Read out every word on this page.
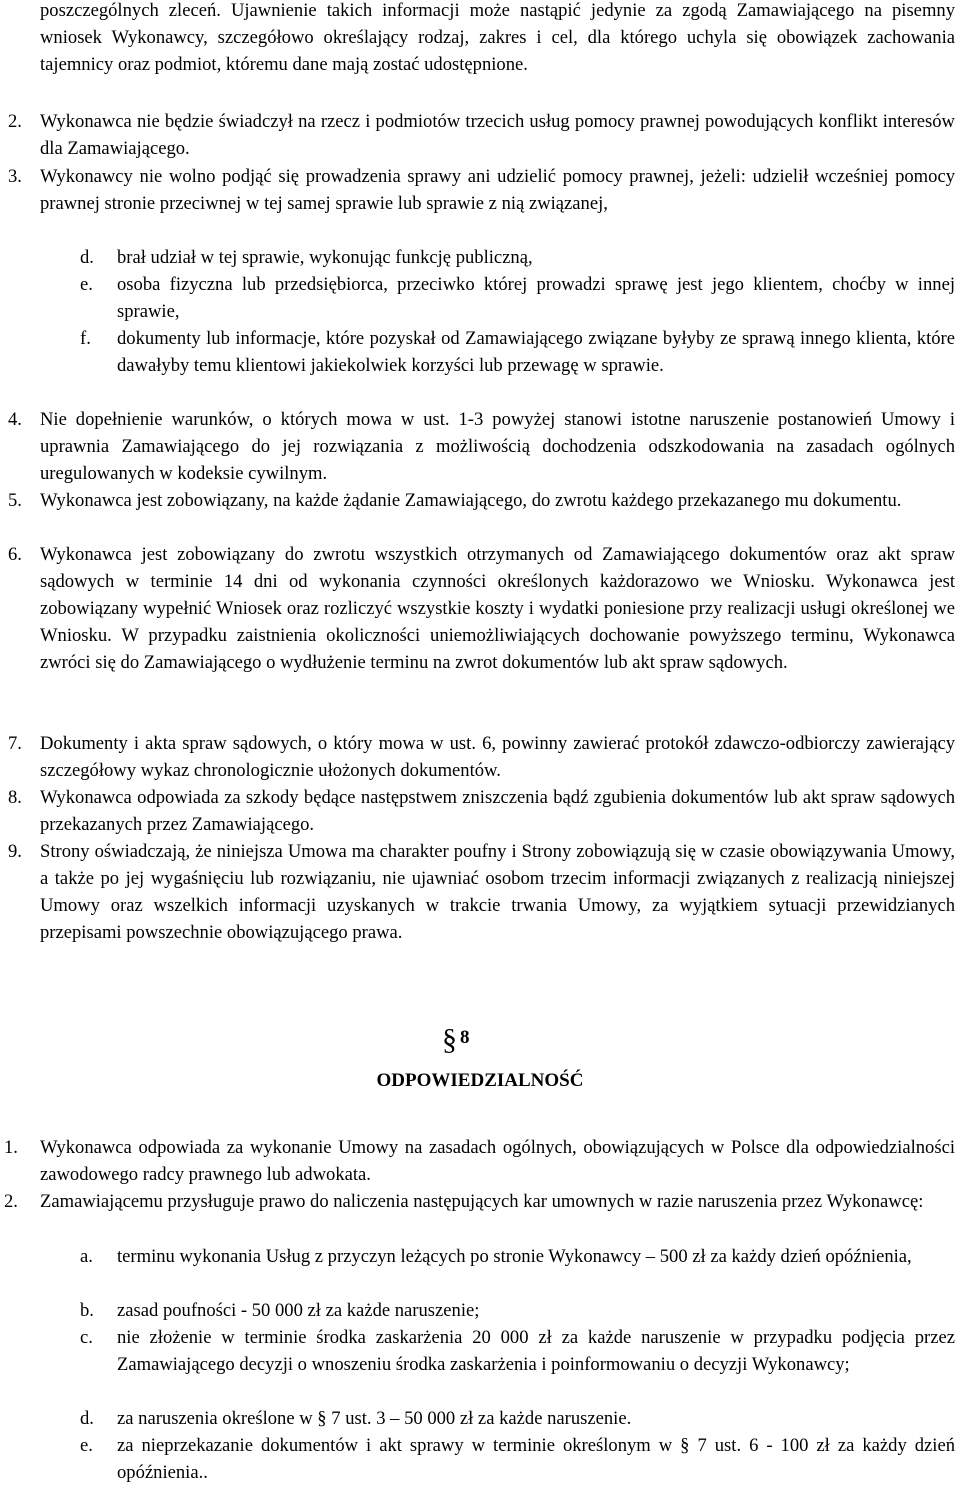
poszczególnych zleceń. Ujawnienie takich informacji może nastąpić jedynie za zgodą Zamawiającego na pisemny wniosek Wykonawcy, szczegółowo określający rodzaj, zakres i cel, dla którego uchyla się obowiązek zachowania tajemnicy oraz podmiot, któremu dane mają zostać udostępnione.
2. Wykonawca nie będzie świadczył na rzecz i podmiotów trzecich usług pomocy prawnej powodujących konflikt interesów dla Zamawiającego.
3. Wykonawcy nie wolno podjąć się prowadzenia sprawy ani udzielić pomocy prawnej, jeżeli: udzielił wcześniej pomocy prawnej stronie przeciwnej w tej samej sprawie lub sprawie z nią związanej,
d. brał udział w tej sprawie, wykonując funkcję publiczną,
e. osoba fizyczna lub przedsiębiorca, przeciwko której prowadzi sprawę jest jego klientem, choćby w innej sprawie,
f. dokumenty lub informacje, które pozyskał od Zamawiającego związane byłyby ze sprawą innego klienta, które dawałyby temu klientowi jakiekolwiek korzyści lub przewagę w sprawie.
4. Nie dopełnienie warunków, o których mowa w ust. 1-3 powyżej stanowi istotne naruszenie postanowień Umowy i uprawnia Zamawiającego do jej rozwiązania z możliwością dochodzenia odszkodowania na zasadach ogólnych uregulowanych w kodeksie cywilnym.
5. Wykonawca jest zobowiązany, na każde żądanie Zamawiającego, do zwrotu każdego przekazanego mu dokumentu.
6. Wykonawca jest zobowiązany do zwrotu wszystkich otrzymanych od Zamawiającego dokumentów oraz akt spraw sądowych w terminie 14 dni od wykonania czynności określonych każdorazowo we Wniosku. Wykonawca jest zobowiązany wypełnić Wniosek oraz rozliczyć wszystkie koszty i wydatki poniesione przy realizacji usługi określonej we Wniosku. W przypadku zaistnienia okoliczności uniemożliwiających dochowanie powyższego terminu, Wykonawca zwróci się do Zamawiającego o wydłużenie terminu na zwrot dokumentów lub akt spraw sądowych.
7. Dokumenty i akta spraw sądowych, o który mowa w ust. 6, powinny zawierać protokół zdawczo-odbiorczy zawierający szczegółowy wykaz chronologicznie ułożonych dokumentów.
8. Wykonawca odpowiada za szkody będące następstwem zniszczenia bądź zgubienia dokumentów lub akt spraw sądowych przekazanych przez Zamawiającego.
9. Strony oświadczają, że niniejsza Umowa ma charakter poufny i Strony zobowiązują się w czasie obowiązywania Umowy, a także po jej wygaśnięciu lub rozwiązaniu, nie ujawniać osobom trzecim informacji związanych z realizacją niniejszej Umowy oraz wszelkich informacji uzyskanych w trakcie trwania Umowy, za wyjątkiem sytuacji przewidzianych przepisami powszechnie obowiązującego prawa.
§ 8
ODPOWIEDZIALNOŚĆ
1.	Wykonawca odpowiada za wykonanie Umowy na zasadach ogólnych, obowiązujących w Polsce dla odpowiedzialności zawodowego radcy prawnego lub adwokata.
2.	Zamawiającemu przysługuje prawo do naliczenia następujących kar umownych w razie naruszenia przez Wykonawcę:
a. terminu wykonania Usług z przyczyn leżących po stronie Wykonawcy – 500 zł za każdy dzień opóźnienia,
b. zasad poufności - 50 000 zł za każde naruszenie;
c. nie złożenie w terminie środka zaskarżenia 20 000 zł za każde naruszenie w przypadku podjęcia przez Zamawiającego decyzji o wnoszeniu środka zaskarżenia i poinformowaniu o decyzji Wykonawcy;
d. za naruszenia określone w § 7 ust. 3 – 50 000 zł za każde naruszenie.
e. za nieprzekazanie dokumentów i akt sprawy w terminie określonym w § 7 ust. 6 - 100 zł za każdy dzień opóźnienia..
